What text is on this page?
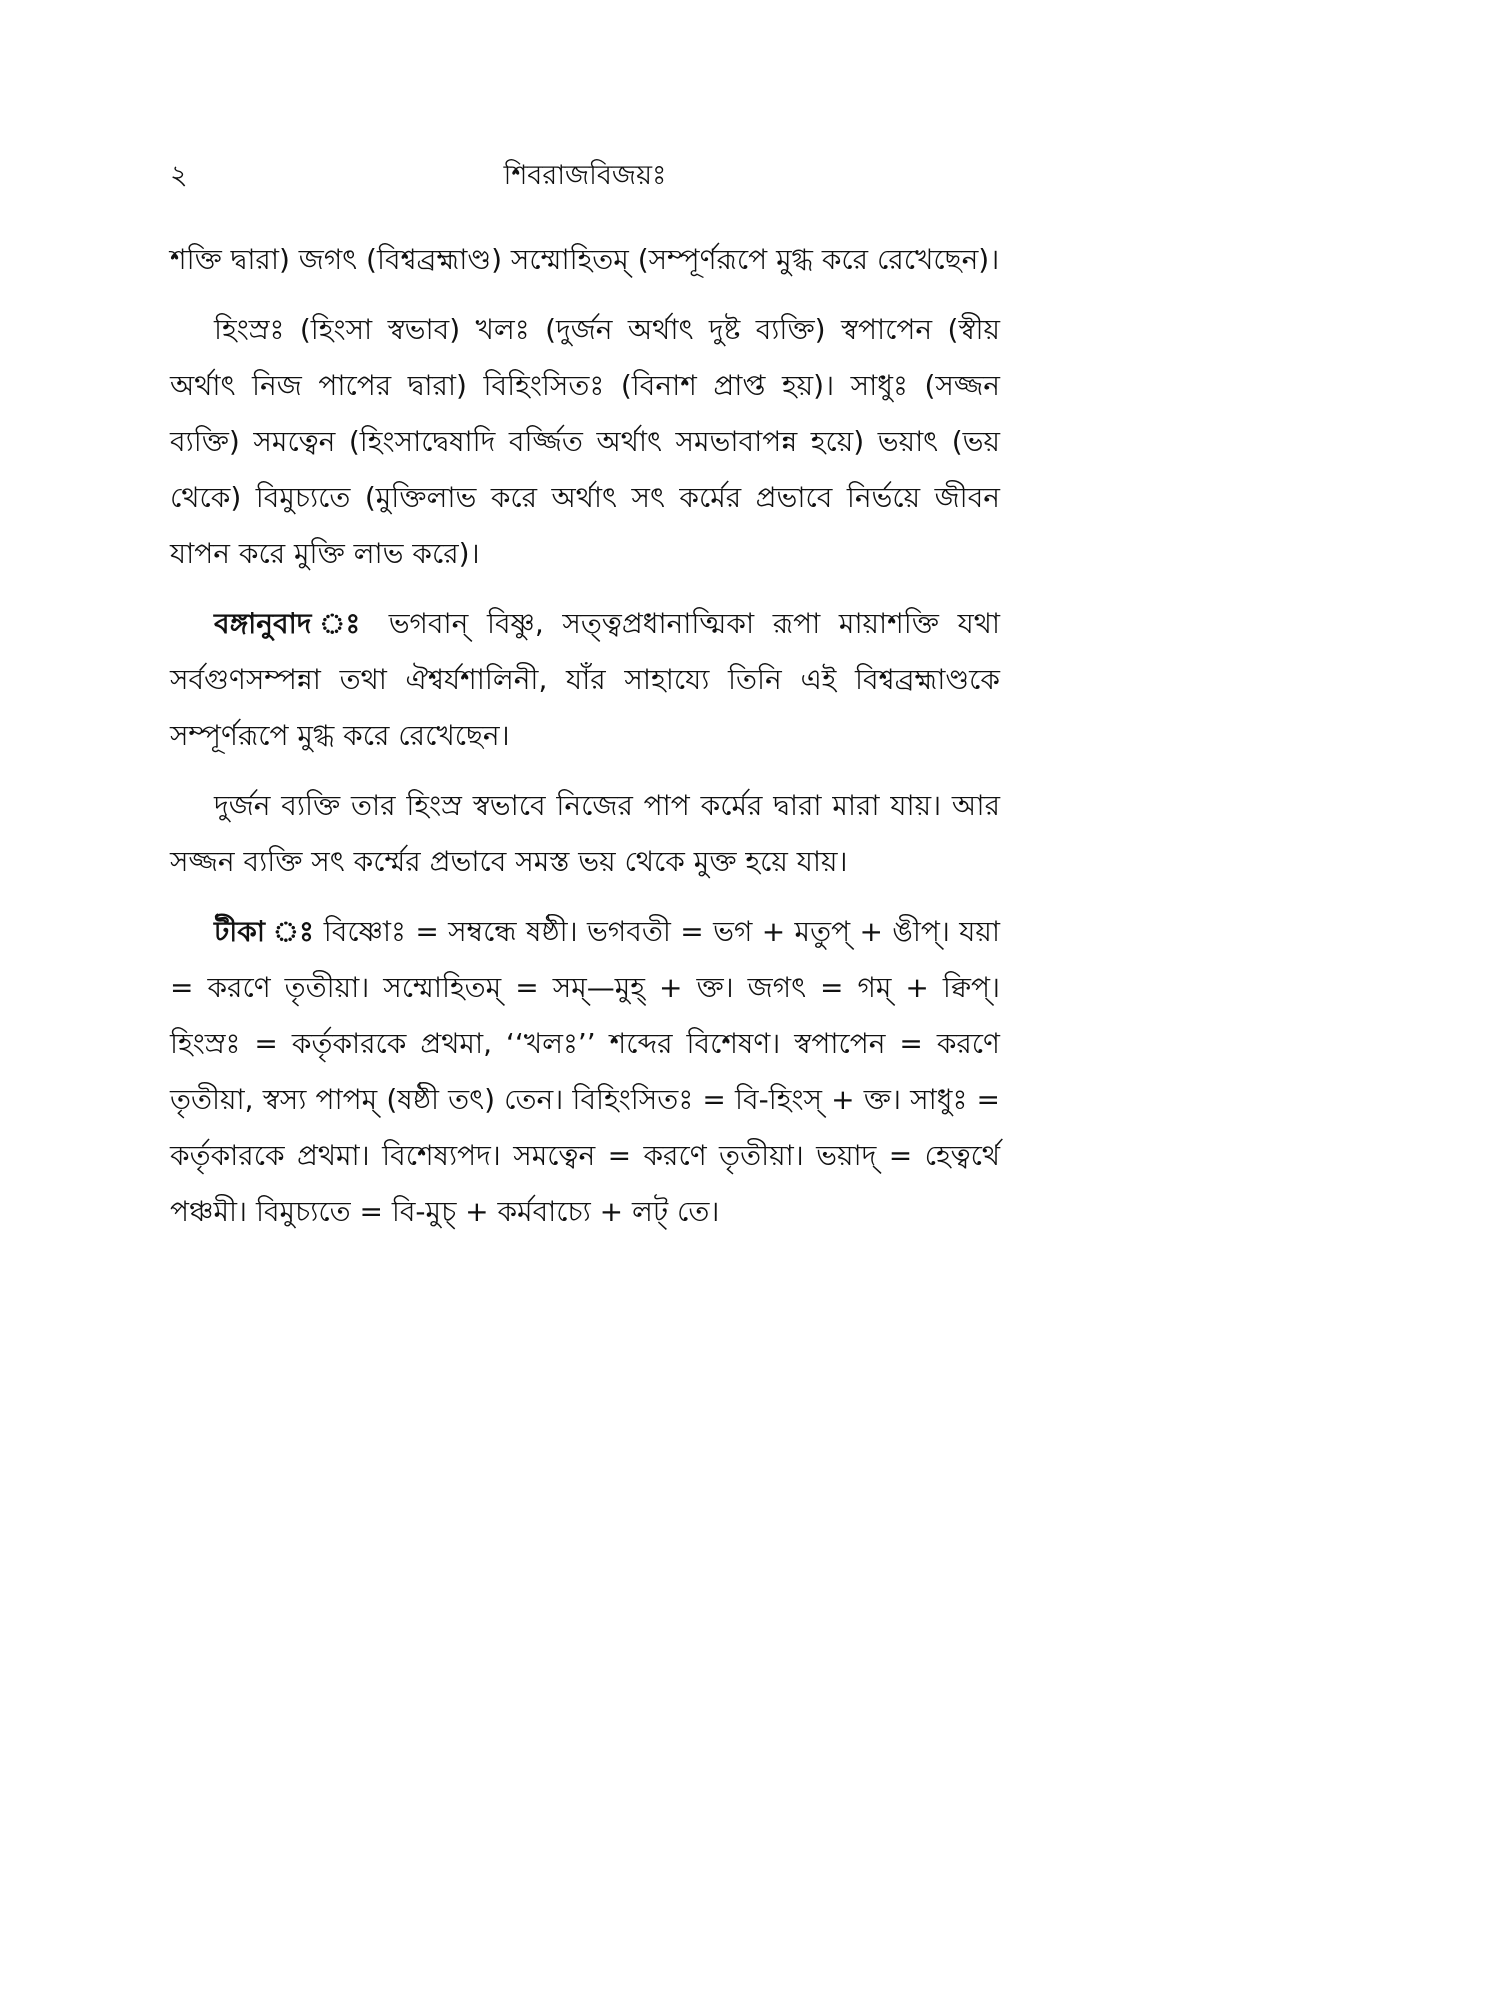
২	শিবরাজবিজয়ঃ

শক্তি দ্বারা) জগৎ (বিশ্বব্রহ্মাণ্ড) সম্মোহিতম্ (সম্পূর্ণরূপে মুগ্ধ করে রেখেছেন)।

হিংস্রঃ (হিংসা স্বভাব) খলঃ (দুর্জন অর্থাৎ দুষ্ট ব্যক্তি) স্বপাপেন (স্বীয় অর্থাৎ নিজ পাপের দ্বারা) বিহিংসিতঃ (বিনাশ প্রাপ্ত হয়)। সাধুঃ (সজ্জন ব্যক্তি) সমত্বেন (হিংসাদ্বেষাদি বর্জ্জিত অর্থাৎ সমভাবাপন্ন হয়ে) ভয়াৎ (ভয় থেকে) বিমুচ্যতে (মুক্তিলাভ করে অর্থাৎ সৎ কর্মের প্রভাবে নির্ভয়ে জীবন যাপন করে মুক্তি লাভ করে)।

বঙ্গানুবাদ ঃ ভগবান্ বিষ্ণু, সত্ত্বপ্রধানাত্মিকা রূপা মায়াশক্তি যথা সর্বগুণসম্পন্না তথা ঐশ্বর্যশালিনী, যাঁর সাহায্যে তিনি এই বিশ্বব্রহ্মাণ্ডকে সম্পূর্ণরূপে মুগ্ধ করে রেখেছেন।

দুর্জন ব্যক্তি তার হিংস্র স্বভাবে নিজের পাপ কর্মের দ্বারা মারা যায়। আর সজ্জন ব্যক্তি সৎ কর্ম্মের প্রভাবে সমস্ত ভয় থেকে মুক্ত হয়ে যায়।

টীকা ঃ বিষ্ণোঃ = সম্বন্ধে ষষ্ঠী। ভগবতী = ভগ + মতুপ্ + ঙীপ্। যয়া = করণে তৃতীয়া। সম্মোহিতম্ = সম্—মুহ্ + ক্ত। জগৎ = গম্ + ক্বিপ্। হিংস্রঃ = কর্তৃকারকে প্রথমা, ‘‘খলঃ’’ শব্দের বিশেষণ। স্বপাপেন = করণে তৃতীয়া, স্বস্য পাপম্ (ষষ্ঠী তৎ) তেন। বিহিংসিতঃ = বি-হিংস্ + ক্ত। সাধুঃ = কর্তৃকারকে প্রথমা। বিশেষ্যপদ। সমত্বেন = করণে তৃতীয়া। ভয়াদ্ = হেত্বর্থে পঞ্চমী। বিমুচ্যতে = বি-মুচ্ + কর্মবাচ্যে + লট্ তে।
